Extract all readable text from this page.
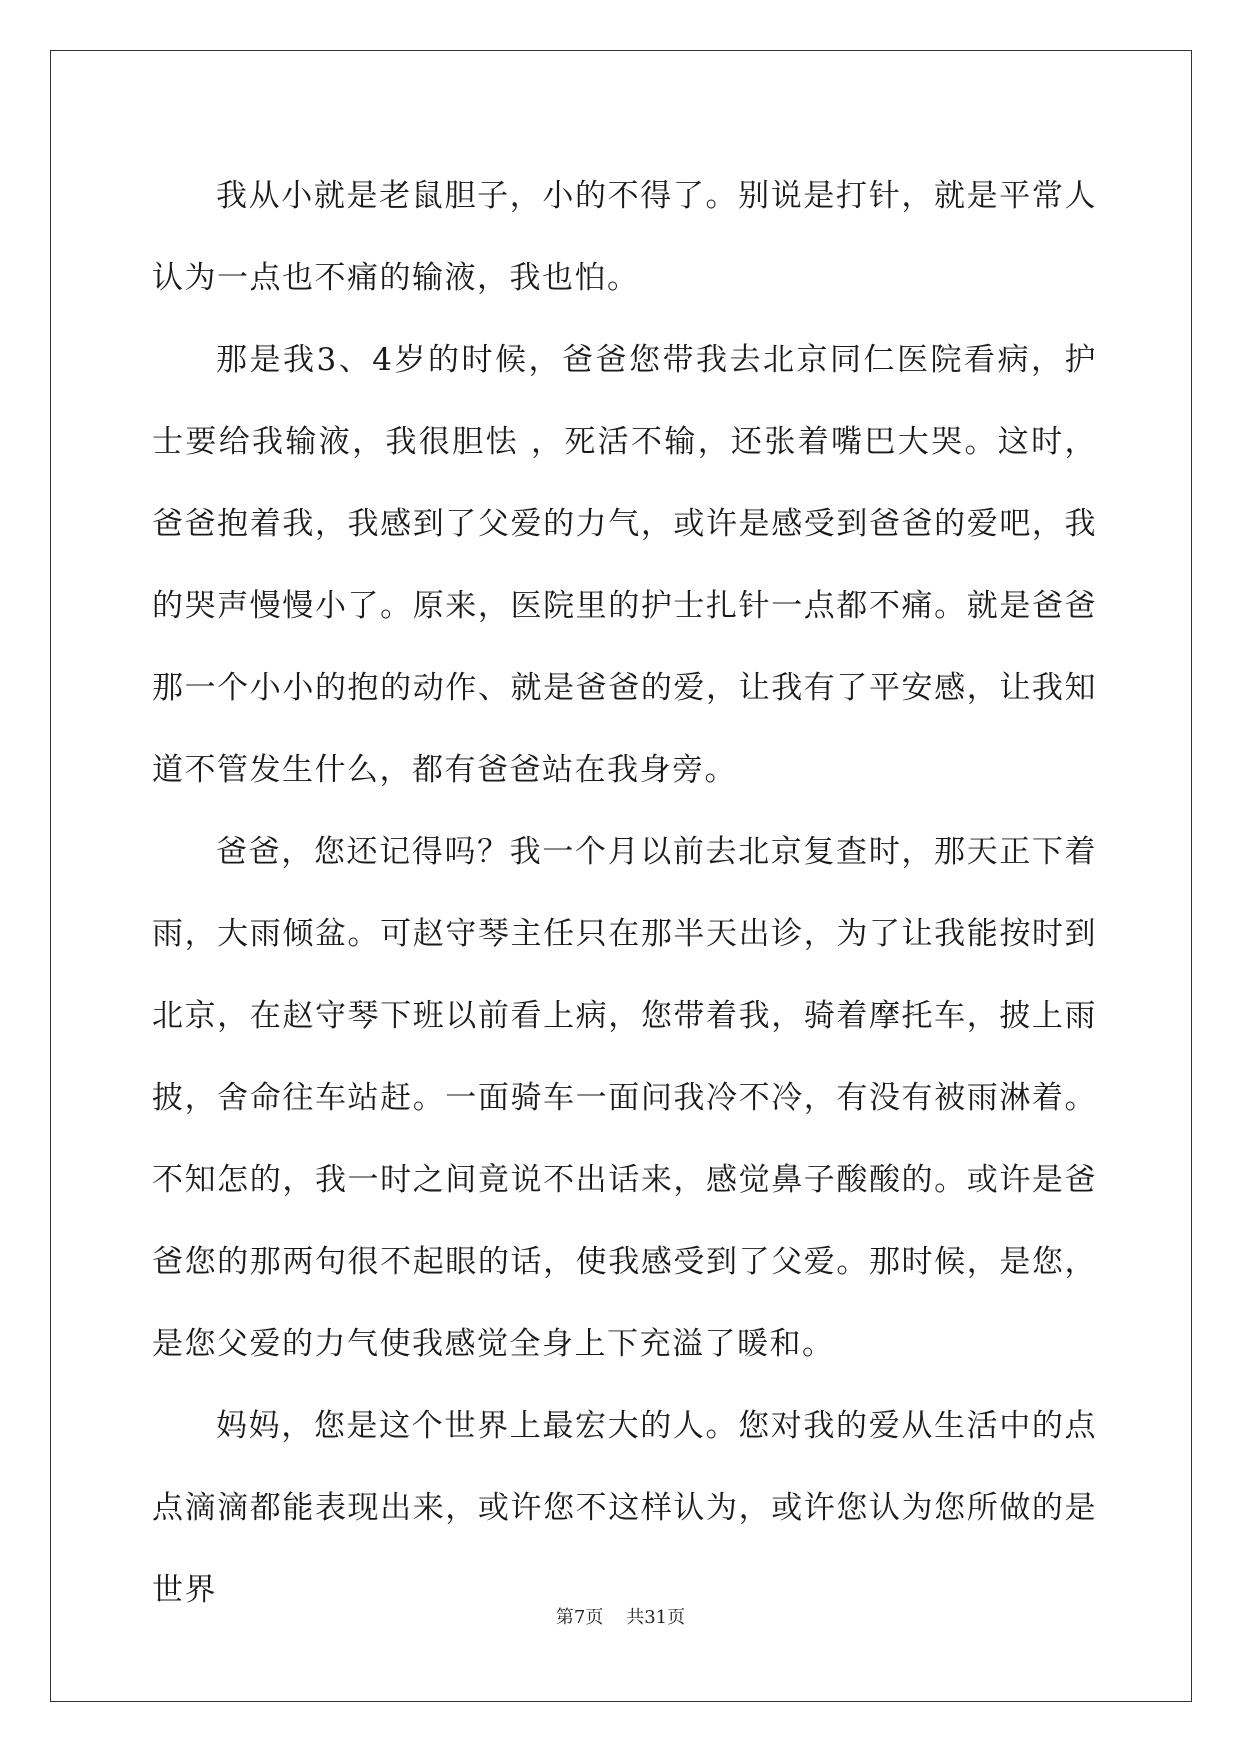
我从小就是老鼠胆子，小的不得了。别说是打针，就是平常人认为一点也不痛的输液，我也怕。

那是我3、4岁的时候，爸爸您带我去北京同仁医院看病，护士要给我输液，我很胆怯 ，死活不输，还张着嘴巴大哭。这时，爸爸抱着我，我感到了父爱的力气，或许是感受到爸爸的爱吧，我的哭声慢慢小了。原来，医院里的护士扎针一点都不痛。就是爸爸那一个小小的抱的动作、就是爸爸的爱，让我有了平安感，让我知道不管发生什么，都有爸爸站在我身旁。

爸爸，您还记得吗？我一个月以前去北京复查时，那天正下着雨，大雨倾盆。可赵守琴主任只在那半天出诊，为了让我能按时到北京，在赵守琴下班以前看上病，您带着我，骑着摩托车，披上雨披，舍命往车站赶。一面骑车一面问我冷不冷，有没有被雨淋着。不知怎的，我一时之间竟说不出话来，感觉鼻子酸酸的。或许是爸爸您的那两句很不起眼的话，使我感受到了父爱。那时候，是您，是您父爱的力气使我感觉全身上下充溢了暖和。

妈妈，您是这个世界上最宏大的人。您对我的爱从生活中的点点滴滴都能表现出来，或许您不这样认为，或许您认为您所做的是世界

第7页    共31页
